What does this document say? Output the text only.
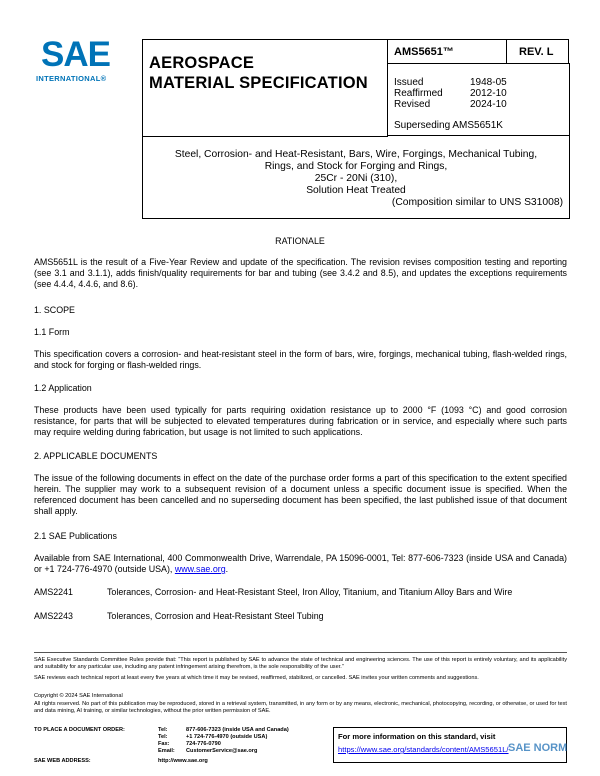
SAE
INTERNATIONAL®
AEROSPACE
MATERIAL SPECIFICATION
AMS5651™	REV. L
Issued	1948-05
Reaffirmed	2012-10
Revised	2024-10
Superseding AMS5651K
Steel, Corrosion- and Heat-Resistant, Bars, Wire, Forgings, Mechanical Tubing,
Rings, and Stock for Forging and Rings,
25Cr - 20Ni (310),
Solution Heat Treated
(Composition similar to UNS S31008)
RATIONALE
AMS5651L is the result of a Five-Year Review and update of the specification. The revision revises composition testing and reporting (see 3.1 and 3.1.1), adds finish/quality requirements for bar and tubing (see 3.4.2 and 8.5), and updates the exceptions requirements (see 4.4.4, 4.4.6, and 8.6).
1. SCOPE
1.1 Form
This specification covers a corrosion- and heat-resistant steel in the form of bars, wire, forgings, mechanical tubing, flash-welded rings, and stock for forging or flash-welded rings.
1.2 Application
These products have been used typically for parts requiring oxidation resistance up to 2000 °F (1093 °C) and good corrosion resistance, for parts that will be subjected to elevated temperatures during fabrication or in service, and especially where such parts may require welding during fabrication, but usage is not limited to such applications.
2. APPLICABLE DOCUMENTS
The issue of the following documents in effect on the date of the purchase order forms a part of this specification to the extent specified herein. The supplier may work to a subsequent revision of a document unless a specific document issue is specified. When the referenced document has been cancelled and no superseding document has been specified, the last published issue of that document shall apply.
2.1 SAE Publications
Available from SAE International, 400 Commonwealth Drive, Warrendale, PA 15096-0001, Tel: 877-606-7323 (inside USA and Canada) or +1 724-776-4970 (outside USA), www.sae.org.
AMS2241	Tolerances, Corrosion- and Heat-Resistant Steel, Iron Alloy, Titanium, and Titanium Alloy Bars and Wire
AMS2243	Tolerances, Corrosion and Heat-Resistant Steel Tubing
SAE Executive Standards Committee Rules provide that: “This report is published by SAE to advance the state of technical and engineering sciences. The use of this report is entirely voluntary, and its applicability and suitability for any particular use, including any patent infringement arising therefrom, is the sole responsibility of the user.”
SAE reviews each technical report at least every five years at which time it may be revised, reaffirmed, stabilized, or cancelled. SAE invites your written comments and suggestions.
Copyright © 2024 SAE International
All rights reserved. No part of this publication may be reproduced, stored in a retrieval system, transmitted, in any form or by any means, electronic, mechanical, photocopying, recording, or otherwise, or used for text and data mining, AI training, or similar technologies, without the prior written permission of SAE.
TO PLACE A DOCUMENT ORDER:	Tel:	877-606-7323 (inside USA and Canada)
Tel:	+1 724-776-4970 (outside USA)
Fax:	724-776-0790
Email: CustomerService@sae.org
SAE WEB ADDRESS:	http://www.sae.org
For more information on this standard, visit
https://www.sae.org/standards/content/AMS5651L/ SAE NORM
